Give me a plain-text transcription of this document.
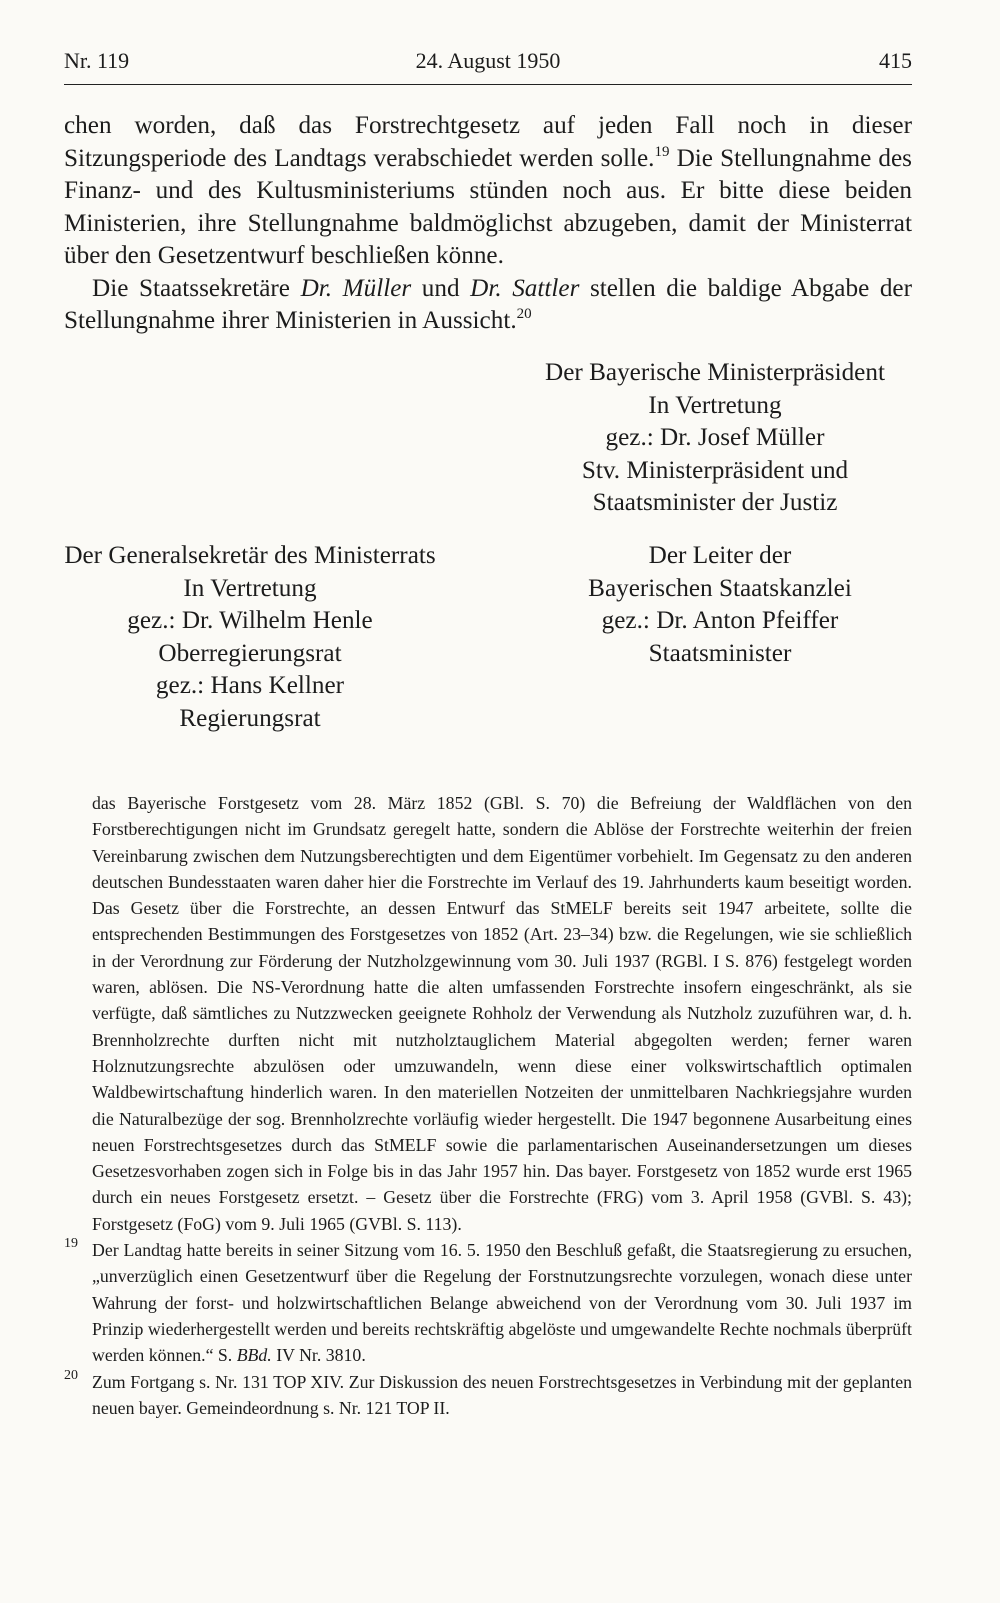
Nr. 119	24. August 1950	415

chen worden, daß das Forstrechtgesetz auf jeden Fall noch in dieser Sitzungsperiode des Landtags verabschiedet werden solle.$^{19}$ Die Stellungnahme des Finanz- und des Kultusministeriums stünden noch aus. Er bitte diese beiden Ministerien, ihre Stellungnahme baldmöglichst abzugeben, damit der Ministerrat über den Gesetzentwurf beschließen könne.

Die Staatssekretäre Dr. Müller und Dr. Sattler stellen die baldige Abgabe der Stellungnahme ihrer Ministerien in Aussicht.$^{20}$

Der Bayerische Ministerpräsident
In Vertretung
gez.: Dr. Josef Müller
Stv. Ministerpräsident und
Staatsminister der Justiz
Der Generalsekretär des Ministerrats
In Vertretung
gez.: Dr. Wilhelm Henle
Oberregierungsrat
gez.: Hans Kellner
Regierungsrat
Der Leiter der
Bayerischen Staatskanzlei
gez.: Dr. Anton Pfeiffer
Staatsminister

das Bayerische Forstgesetz vom 28. März 1852 (GBl. S. 70) die Befreiung der Waldflächen von den Forstberechtigungen nicht im Grundsatz geregelt hatte, sondern die Ablöse der Forstrechte weiterhin der freien Vereinbarung zwischen dem Nutzungsberechtigten und dem Eigentümer vorbehielt. Im Gegensatz zu den anderen deutschen Bundesstaaten waren daher hier die Forstrechte im Verlauf des 19. Jahrhunderts kaum beseitigt worden. Das Gesetz über die Forstrechte, an dessen Entwurf das StMELF bereits seit 1947 arbeitete, sollte die entsprechenden Bestimmungen des Forstgesetzes von 1852 (Art. 23–34) bzw. die Regelungen, wie sie schließlich in der Verordnung zur Förderung der Nutzholzgewinnung vom 30. Juli 1937 (RGBl. I S. 876) festgelegt worden waren, ablösen. Die NS-Verordnung hatte die alten umfassenden Forstrechte insofern eingeschränkt, als sie verfügte, daß sämtliches zu Nutzzwecken geeignete Rohholz der Verwendung als Nutzholz zuzuführen war, d. h. Brennholzrechte durften nicht mit nutzholztauglichem Material abgegolten werden; ferner waren Holznutzungsrechte abzulösen oder umzuwandeln, wenn diese einer volkswirtschaftlich optimalen Waldbewirtschaftung hinderlich waren. In den materiellen Notzeiten der unmittelbaren Nachkriegsjahre wurden die Naturalbezüge der sog. Brennholzrechte vorläufig wieder hergestellt. Die 1947 begonnene Ausarbeitung eines neuen Forstrechtsgesetzes durch das StMELF sowie die parlamentarischen Auseinandersetzungen um dieses Gesetzesvorhaben zogen sich in Folge bis in das Jahr 1957 hin. Das bayer. Forstgesetz von 1852 wurde erst 1965 durch ein neues Forstgesetz ersetzt. – Gesetz über die Forstrechte (FRG) vom 3. April 1958 (GVBl. S. 43); Forstgesetz (FoG) vom 9. Juli 1965 (GVBl. S. 113).

19 Der Landtag hatte bereits in seiner Sitzung vom 16. 5. 1950 den Beschluß gefaßt, die Staatsregierung zu ersuchen, „unverzüglich einen Gesetzentwurf über die Regelung der Forstnutzungsrechte vorzulegen, wonach diese unter Wahrung der forst- und holzwirtschaftlichen Belange abweichend von der Verordnung vom 30. Juli 1937 im Prinzip wiederhergestellt werden und bereits rechtskräftig abgelöste und umgewandelte Rechte nochmals überprüft werden können.“ S. BBd. IV Nr. 3810.

20 Zum Fortgang s. Nr. 131 TOP XIV. Zur Diskussion des neuen Forstrechtsgesetzes in Verbindung mit der geplanten neuen bayer. Gemeindeordnung s. Nr. 121 TOP II.
